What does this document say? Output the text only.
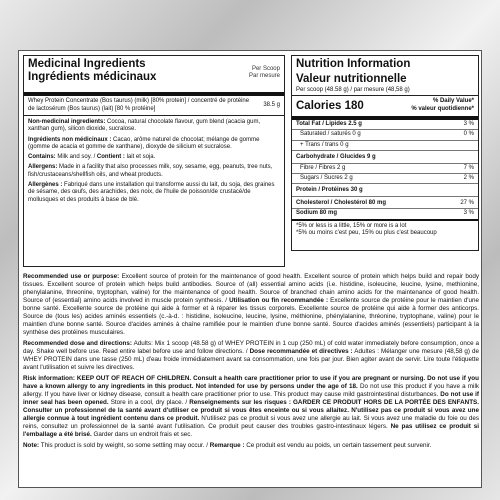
Medicinal Ingredients
Ingrédients médicinaux
Per Scoop
Par mesure
Whey Protein Concentrate (Bos taurus) (milk) [80% protein] / concentré de protéine de lactosérum (Bos taurus) (lait) [80 % protéine]
38.5 g

Non-medicinal ingredients: Cocoa, natural chocolate flavour, gum blend (acacia gum, xanthan gum), silicon dioxide, sucralose.

Ingrédients non médicinaux : Cacao, arôme naturel de chocolat; mélange de gomme (gomme de acacia et gomme de xanthane), dioxyde de silicium et sucralose.

Contains: Milk and soy. / Contient : lait et soja.

Allergens: Made in a facility that also processes milk, soy, sesame, egg, peanuts, tree nuts, fish/crustaceans/shellfish oils, and wheat products.

Allergènes : Fabriqué dans une installation qui transforme aussi du lait, du soja, des graines de sésame, des œufs, des arachides, des noix, de l'huile de poisson/de crustacé/de mollusques et des produits à base de blé.

Nutrition Information
Valeur nutritionnelle
Per scoop (48.58 g) / par mesure (48,58 g)
Calories 180	% Daily Value*
% valeur quotidienne*
Total Fat / Lipides 2.5 g	3 %
Saturated / saturés 0 g	0 %
+ Trans / trans 0 g
Carbohydrate / Glucides 9 g
Fibre / Fibres 2 g	7 %
Sugars / Sucres 2 g	2 %
Protein / Protéines 30 g
Cholesterol / Cholestérol 80 mg	27 %
Sodium 80 mg	3 %
*5% or less is a little, 15% or more is a lot
*5% ou moins c'est peu, 15% ou plus c'est beaucoup

Recommended use or purpose: Excellent source of protein for the maintenance of good health. Excellent source of protein which helps build and repair body tissues. Excellent source of protein which helps build antibodies. Source of (all) essential amino acids (i.e. histidine, isoleucine, leucine, lysine, methionine, phenylalanine, threonine, tryptophan, valine) for the maintenance of good health. Source of branched chain amino acids for the maintenance of good health. Source of (essential) amino acids involved in muscle protein synthesis. / Utilisation ou fin recommandée : Excellente source de protéine pour le maintien d'une bonne santé. Excellente source de protéine qui aide à former et à réparer les tissus corporels. Excellente source de protéine qui aide à former des anticorps. Source de (tous les) acides aminés essentiels (c.-à-d. : histidine, isoleucine, leucine, lysine, méthionine, phénylalanine, thréonine, tryptophane, valine) pour le maintien d'une bonne santé. Source d'acides aminés à chaîne ramifiée pour le maintien d'une bonne santé. Source d'acides aminés (essentiels) participant à la synthèse des protéines musculaires.

Recommended dose and directions: Adults: Mix 1 scoop (48.58 g) of WHEY PROTEIN in 1 cup (250 mL) of cold water immediately before consumption, once a day. Shake well before use. Read entire label before use and follow directions. / Dose recommandée et directives : Adultes : Mélanger une mesure (48,58 g) de WHEY PROTEIN dans une tasse (250 mL) d'eau froide immédiatement avant sa consommation, une fois par jour. Bien agiter avant de servir. Lire toute l'étiquette avant l'utilisation et suivre les directives.

Risk information: KEEP OUT OF REACH OF CHILDREN. Consult a health care practitioner prior to use if you are pregnant or nursing. Do not use if you have a known allergy to any ingredients in this product. Not intended for use by persons under the age of 18. Do not use this product if you have a milk allergy. If you have liver or kidney disease, consult a health care practitioner prior to use. This product may cause mild gastrointestinal disturbances. Do not use if inner seal has been opened. Store in a cool, dry place. / Renseignements sur les risques : GARDER CE PRODUIT HORS DE LA PORTÉE DES ENFANTS. Consulter un professionnel de la santé avant d'utiliser ce produit si vous êtes enceinte ou si vous allaitez. N'utilisez pas ce produit si vous avez une allergie connue à tout ingrédient contenu dans ce produit. N'utilisez pas ce produit si vous avez une allergie au lait. Si vous avez une maladie du foie ou des reins, consultez un professionnel de la santé avant l'utilisation. Ce produit peut causer des troubles gastro-intestinaux légers. Ne pas utilisez ce produit si l'emballage a été brisé. Garder dans un endroit frais et sec.

Note: This product is sold by weight, so some settling may occur. / Remarque : Ce produit est vendu au poids, un certain tassement peut survenir.
